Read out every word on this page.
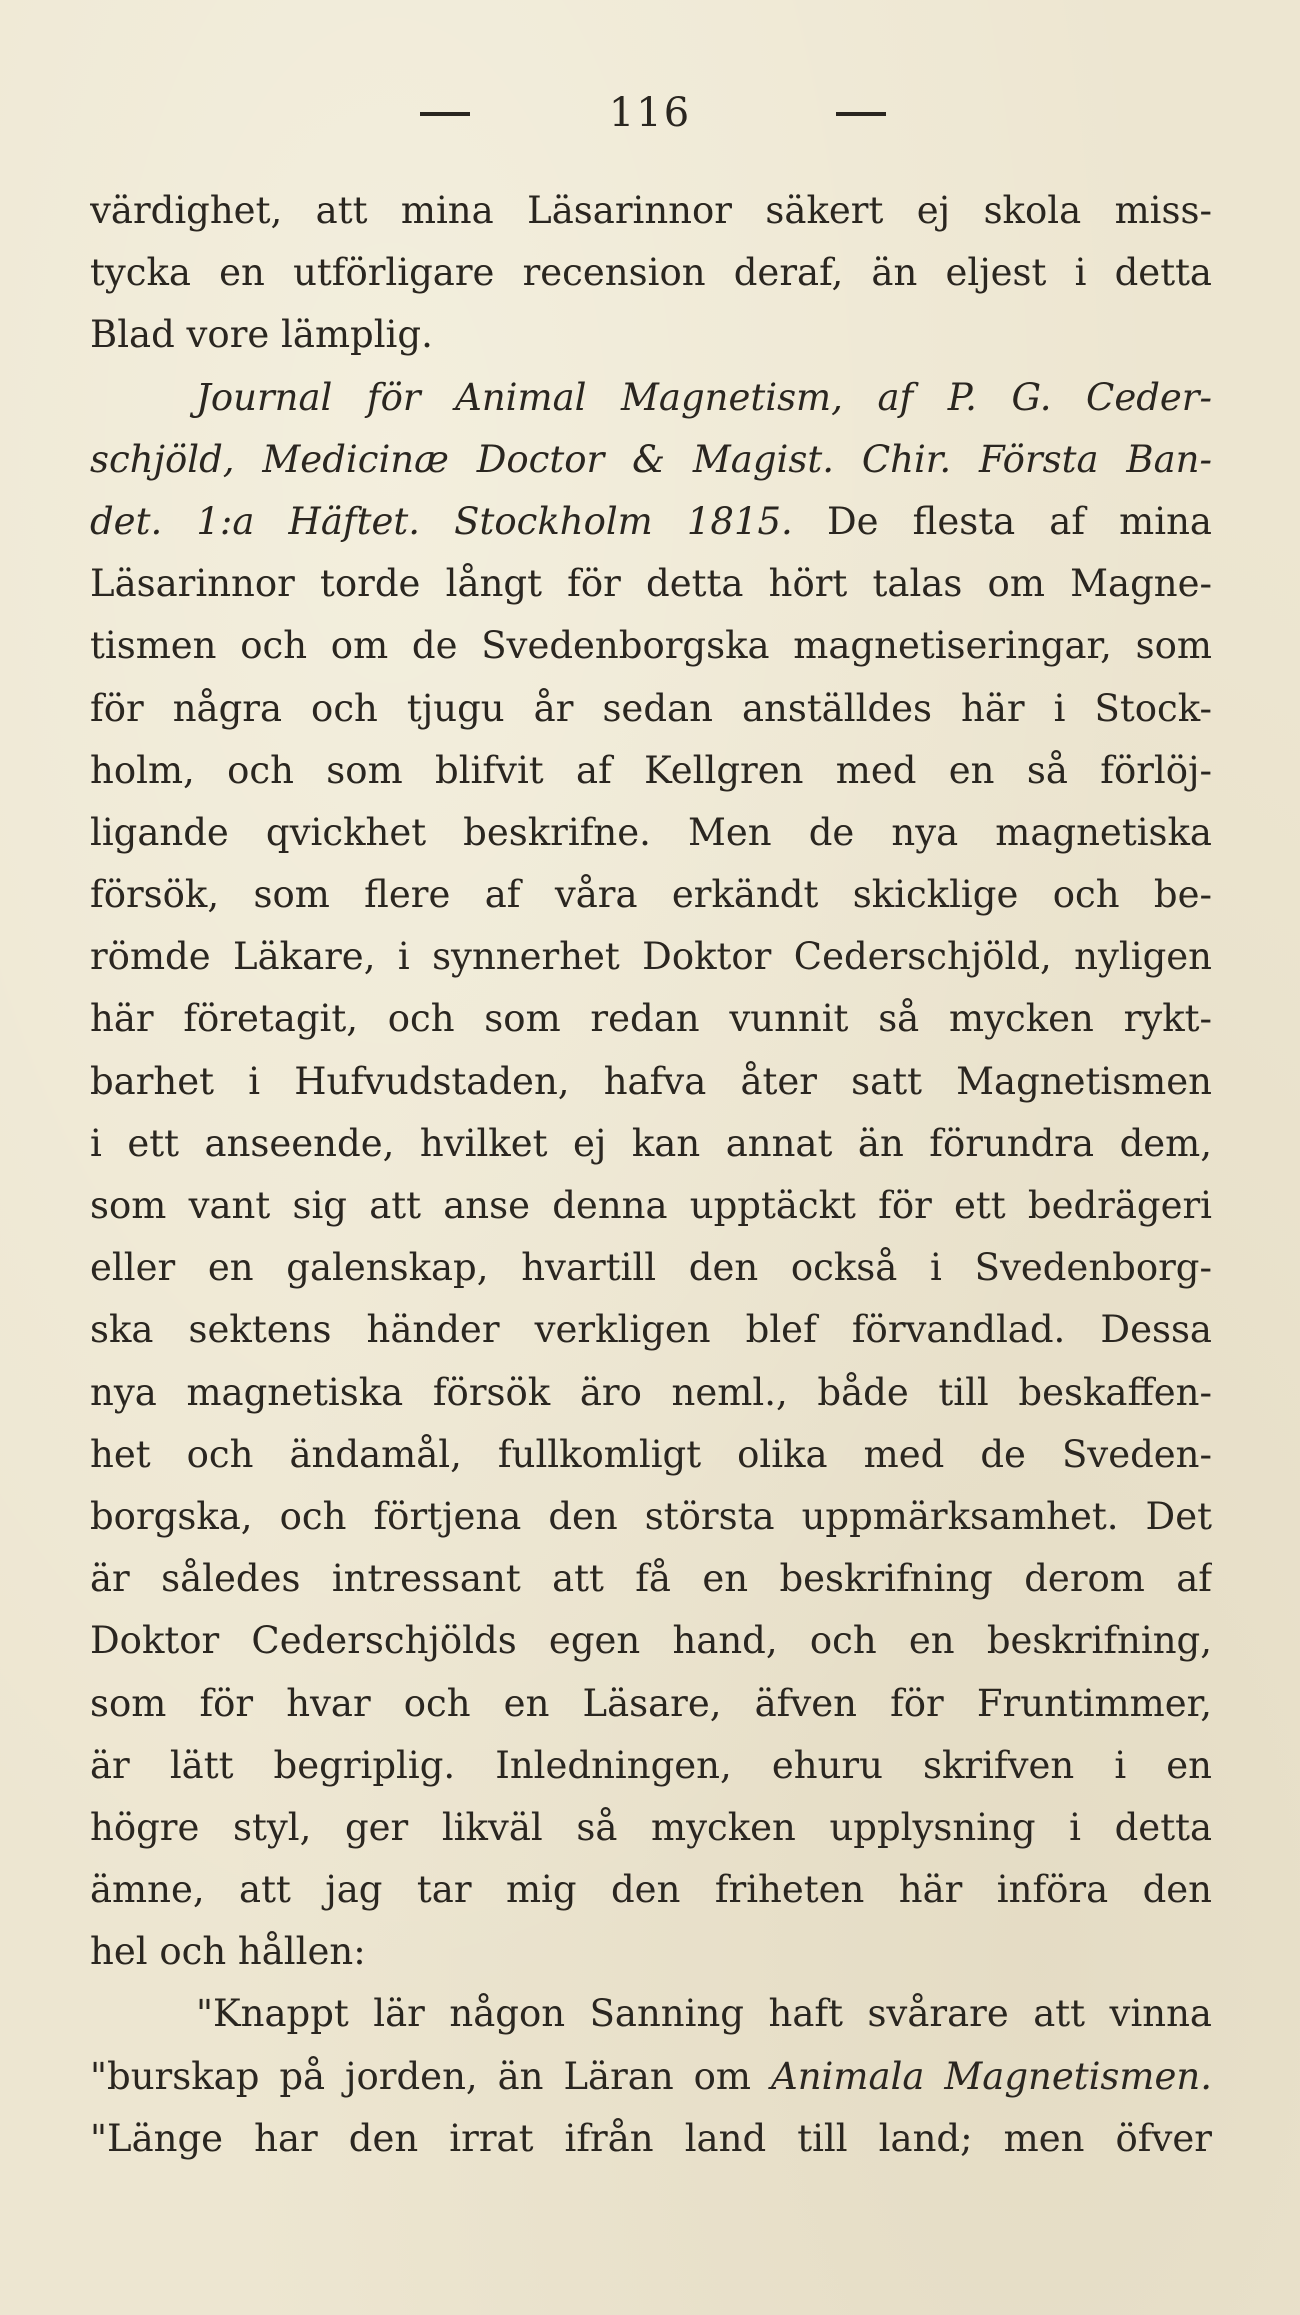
116
värdighet, att mina Läsarinnor säkert ej skola miss-
tycka en utförligare recension deraf, än eljest i detta
Blad vore lämplig.
Journal för Animal Magnetism, af P. G. Ceder-
schjöld, Medicinæ Doctor & Magist. Chir. Första Ban-
det. 1:a Häftet. Stockholm 1815. De flesta af mina
Läsarinnor torde långt för detta hört talas om Magne-
tismen och om de Svedenborgska magnetiseringar, som
för några och tjugu år sedan anställdes här i Stock-
holm, och som blifvit af Kellgren med en så förlöj-
ligande qvickhet beskrifne. Men de nya magnetiska
försök, som flere af våra erkändt skicklige och be-
römde Läkare, i synnerhet Doktor Cederschjöld, nyligen
här företagit, och som redan vunnit så mycken rykt-
barhet i Hufvudstaden, hafva åter satt Magnetismen
i ett anseende, hvilket ej kan annat än förundra dem,
som vant sig att anse denna upptäckt för ett bedrägeri
eller en galenskap, hvartill den också i Svedenborg-
ska sektens händer verkligen blef förvandlad. Dessa
nya magnetiska försök äro neml., både till beskaffen-
het och ändamål, fullkomligt olika med de Sveden-
borgska, och förtjena den största uppmärksamhet. Det
är således intressant att få en beskrifning derom af
Doktor Cederschjölds egen hand, och en beskrifning,
som för hvar och en Läsare, äfven för Fruntimmer,
är lätt begriplig. Inledningen, ehuru skrifven i en
högre styl, ger likväl så mycken upplysning i detta
ämne, att jag tar mig den friheten här införa den
hel och hållen:
"Knappt lär någon Sanning haft svårare att vinna
"burskap på jorden, än Läran om Animala Magnetismen.
"Länge har den irrat ifrån land till land; men öfver
